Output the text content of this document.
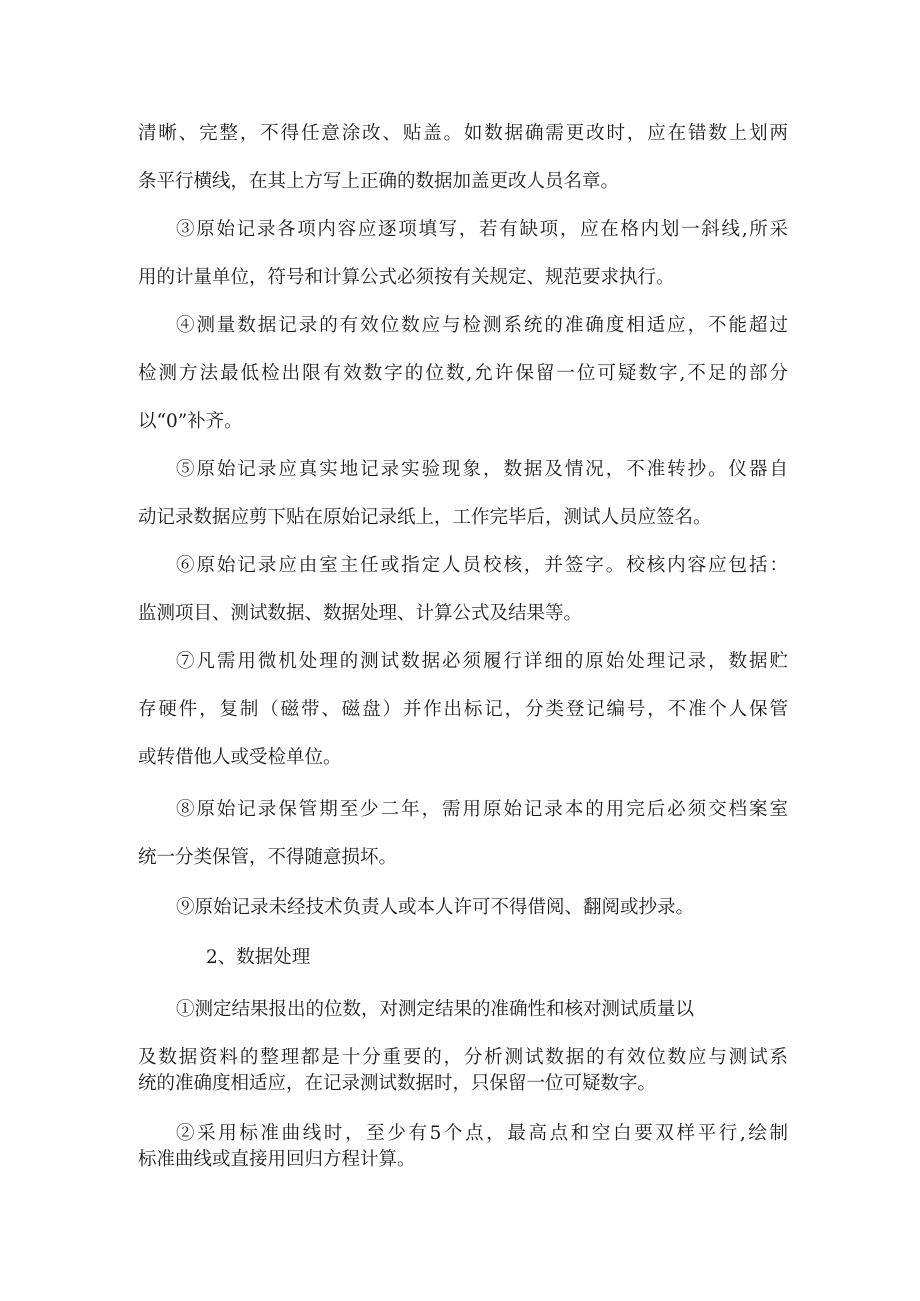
清晰、完整，不得任意涂改、贴盖。如数据确需更改时，应在错数上划两
条平行横线，在其上方写上正确的数据加盖更改人员名章。
③原始记录各项内容应逐项填写，若有缺项，应在格内划一斜线,所采
用的计量单位，符号和计算公式必须按有关规定、规范要求执行。
④测量数据记录的有效位数应与检测系统的准确度相适应，不能超过
检测方法最低检出限有效数字的位数,允许保留一位可疑数字,不足的部分
以“0”补齐。
⑤原始记录应真实地记录实验现象，数据及情况，不准转抄。仪器自
动记录数据应剪下贴在原始记录纸上，工作完毕后，测试人员应签名。
⑥原始记录应由室主任或指定人员校核，并签字。校核内容应包括：
监测项目、测试数据、数据处理、计算公式及结果等。
⑦凡需用微机处理的测试数据必须履行详细的原始处理记录，数据贮
存硬件，复制（磁带、磁盘）并作出标记，分类登记编号，不准个人保管
或转借他人或受检单位。
⑧原始记录保管期至少二年，需用原始记录本的用完后必须交档案室
统一分类保管，不得随意损坏。
⑨原始记录未经技术负责人或本人许可不得借阅、翻阅或抄录。
2、数据处理
①测定结果报出的位数，对测定结果的准确性和核对测试质量以
及数据资料的整理都是十分重要的，分析测试数据的有效位数应与测试系
统的准确度相适应，在记录测试数据时，只保留一位可疑数字。
②采用标准曲线时，至少有5个点，最高点和空白要双样平行,绘制
标准曲线或直接用回归方程计算。
